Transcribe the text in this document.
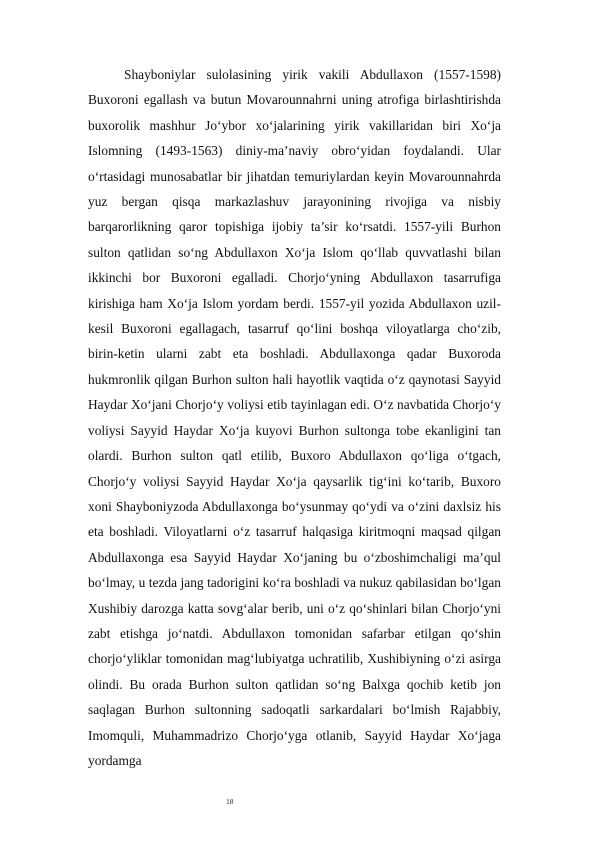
Shayboniylar sulolasining yirik vakili Abdullaxon (1557-1598) Buxoroni egallash va butun Movarounnahrni uning atrofiga birlashtirishda buxorolik mashhur Jo‘ybor xo‘jalarining yirik vakillaridan biri Xo‘ja Islomning (1493-1563) diniy-ma’naviy obro‘yidan foydalandi. Ular o‘rtasidagi munosabatlar bir jihatdan temuriylardan keyin Movarounnahrda yuz bergan qisqa markazlashuv jarayonining rivojiga va nisbiy barqarorlikning qaror topishiga ijobiy ta’sir ko‘rsatdi. 1557-yili Burhon sulton qatlidan so‘ng Abdullaxon Xo‘ja Islom qo‘llab quvvatlashi bilan ikkinchi bor Buxoroni egalladi. Chorjo‘yning Abdullaxon tasarrufiga kirishiga ham Xo‘ja Islom yordam berdi. 1557-yil yozida Abdullaxon uzil-kesil Buxoroni egallagach, tasarruf qo‘lini boshqa viloyatlarga cho‘zib, birin-ketin ularni zabt eta boshladi. Abdullaxonga qadar Buxoroda hukmronlik qilgan Burhon sulton hali hayotlik vaqtida o‘z qaynotasi Sayyid Haydar Xo‘jani Chorjo‘y voliysi etib tayinlagan edi. O‘z navbatida Chorjo‘y voliysi Sayyid Haydar Xo‘ja kuyovi Burhon sultonga tobe ekanligini tan olardi. Burhon sulton qatl etilib, Buxoro Abdullaxon qo‘liga o‘tgach, Chorjo‘y voliysi Sayyid Haydar Xo‘ja qaysarlik tig‘ini ko‘tarib, Buxoro xoni Shayboniyzoda Abdullaxonga bo‘ysunmay qo‘ydi va o‘zini daxlsiz his eta boshladi. Viloyatlarni o‘z tasarruf halqasiga kiritmoqni maqsad qilgan Abdullaxonga esa Sayyid Haydar Xo‘janing bu o‘zboshimchaligi ma’qul bo‘lmay, u tezda jang tadorigini ko‘ra boshladi va nukuz qabilasidan bo‘lgan Xushibiy darozga katta sovg‘alar berib, uni o‘z qo‘shinlari bilan Chorjo‘yni zabt etishga jo‘natdi. Abdullaxon tomonidan safarbar etilgan qo‘shin chorjo‘yliklar tomonidan mag‘lubiyatga uchratilib, Xushibiyning o‘zi asirga olindi. Bu orada Burhon sulton qatlidan so‘ng Balxga qochib ketib jon saqlagan Burhon sultonning sadoqatli sarkardalari bo‘lmish Rajabbiy, Imomquli, Muhammadrizo Chorjo‘yga otlanib, Sayyid Haydar Xo‘jaga yordamga

18
